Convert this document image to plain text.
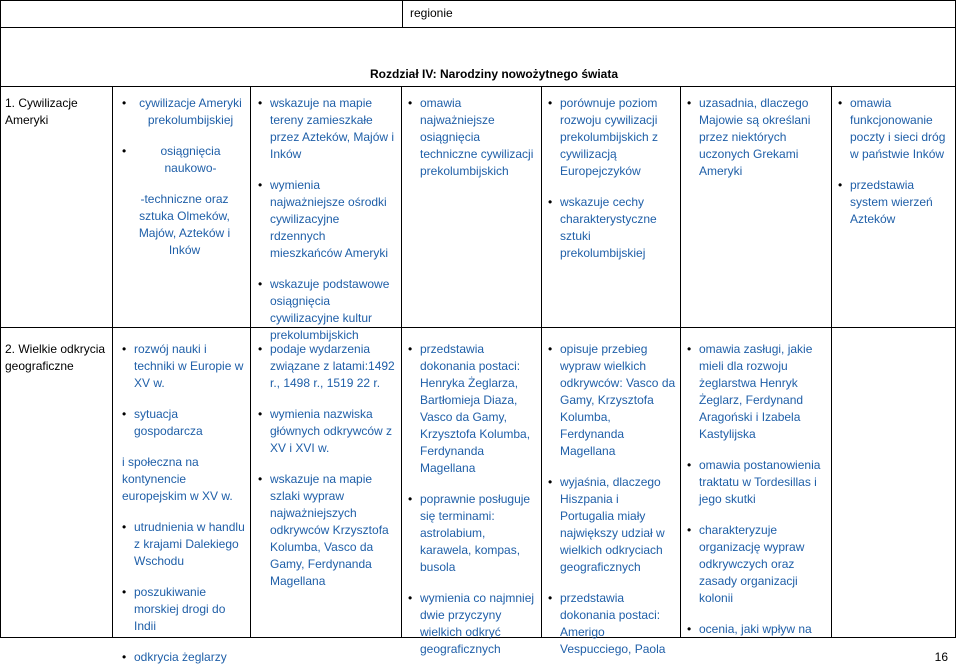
regionie
Rozdział IV: Narodziny nowożytnego świata
1. Cywilizacje Ameryki
• cywilizacje Ameryki prekolumbijskiej
• osiągnięcia naukowo-
-techniczne oraz sztuka Olmeków, Majów, Azteków i Inków
• wskazuje na mapie tereny zamieszkałe przez Azteków, Majów i Inków
• wymienia najważniejsze ośrodki cywilizacyjne rdzennych mieszkańców Ameryki
• wskazuje podstawowe osiągnięcia cywilizacyjne kultur prekolumbijskich
• omawia najważniejsze osiągnięcia techniczne cywilizacji prekolumbijskich
• porównuje poziom rozwoju cywilizacji prekolumbijskich z cywilizacją Europejczyków
• wskazuje cechy charakterystyczne sztuki prekolumbijskiej
• uzasadnia, dlaczego Majowie są określani przez niektórych uczonych Grekami Ameryki
• omawia funkcjonowanie poczty i sieci dróg w państwie Inków
• przedstawia system wierzeń Azteków
2. Wielkie odkrycia geograficzne
• rozwój nauki i techniki w Europie w XV w.
• sytuacja gospodarcza
i społeczna na kontynencie europejskim w XV w.
• utrudnienia w handlu z krajami Dalekiego Wschodu
• poszukiwanie morskiej drogi do Indii
• odkrycia żeglarzy
• podaje wydarzenia związane z latami:1492 r., 1498 r., 1519 22 r.
• wymienia nazwiska głównych odkrywców z XV i XVI w.
• wskazuje na mapie szlaki wypraw najważniejszych odkrywców Krzysztofa Kolumba, Vasco da Gamy, Ferdynanda Magellana
• przedstawia dokonania postaci: Henryka Żeglarza, Bartłomieja Diaza, Vasco da Gamy, Krzysztofa Kolumba, Ferdynanda Magellana
• poprawnie posługuje się terminami: astrolabium, karawela, kompas, busola
• wymienia co najmniej dwie przyczyny wielkich odkryć geograficznych
• opisuje przebieg wypraw wielkich odkrywców: Vasco da Gamy, Krzysztofa Kolumba, Ferdynanda Magellana
• wyjaśnia, dlaczego Hiszpania i Portugalia miały największy udział w wielkich odkryciach geograficznych
• przedstawia dokonania postaci: Amerigo Vespucciego, Paola
• omawia zasługi, jakie mieli dla rozwoju żeglarstwa Henryk Żeglarz, Ferdynand Aragoński i Izabela Kastylijska
• omawia postanowienia traktatu w Tordesillas i jego skutki
• charakteryzuje organizację wypraw odkrywczych oraz zasady organizacji kolonii
• ocenia, jaki wpływ na
16
